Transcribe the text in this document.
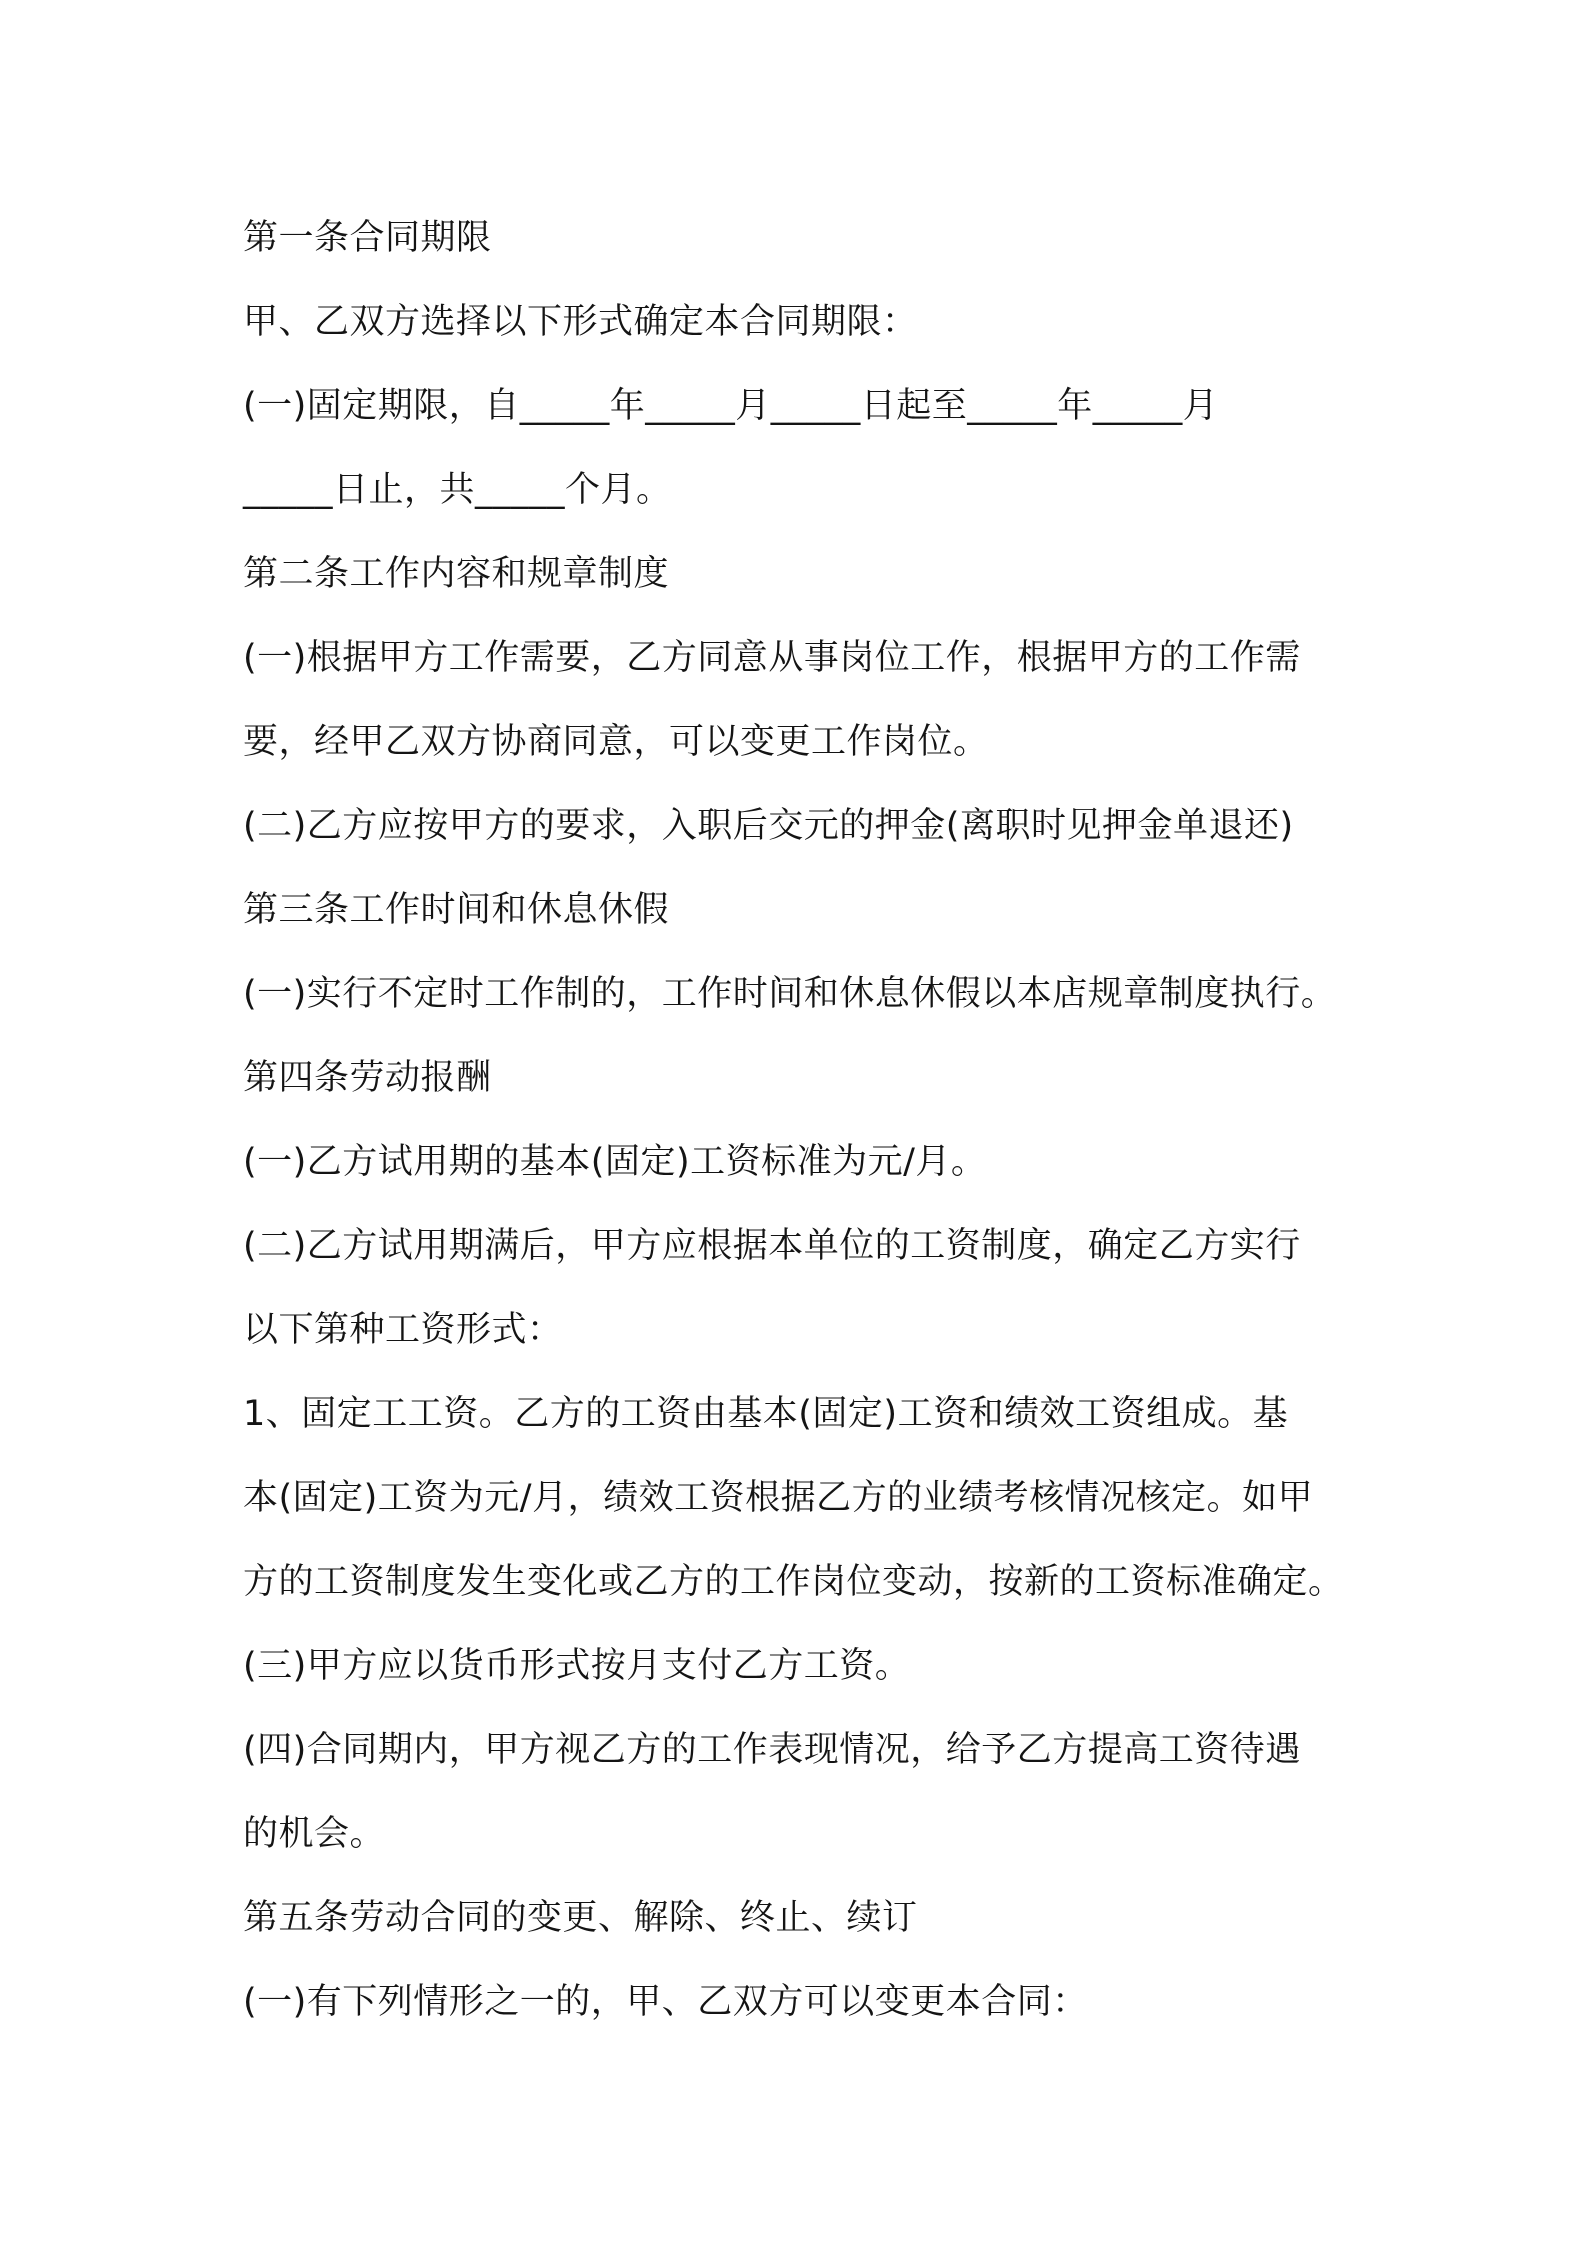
第一条合同期限

甲、乙双方选择以下形式确定本合同期限：

(一)固定期限，自_____年_____月_____日起至_____年_____月

_____日止，共_____个月。

第二条工作内容和规章制度

(一)根据甲方工作需要，乙方同意从事岗位工作，根据甲方的工作需

要，经甲乙双方协商同意，可以变更工作岗位。

(二)乙方应按甲方的要求，入职后交元的押金(离职时见押金单退还)

第三条工作时间和休息休假

(一)实行不定时工作制的，工作时间和休息休假以本店规章制度执行。

第四条劳动报酬

(一)乙方试用期的基本(固定)工资标准为元/月。

(二)乙方试用期满后，甲方应根据本单位的工资制度，确定乙方实行

以下第种工资形式：

1、固定工工资。乙方的工资由基本(固定)工资和绩效工资组成。基

本(固定)工资为元/月，绩效工资根据乙方的业绩考核情况核定。如甲

方的工资制度发生变化或乙方的工作岗位变动，按新的工资标准确定。

(三)甲方应以货币形式按月支付乙方工资。

(四)合同期内，甲方视乙方的工作表现情况，给予乙方提高工资待遇

的机会。

第五条劳动合同的变更、解除、终止、续订

(一)有下列情形之一的，甲、乙双方可以变更本合同：
